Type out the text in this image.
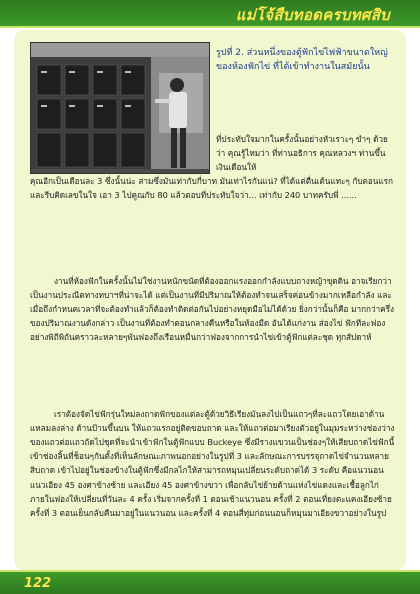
แม่โจ้สืบทอดครบทศสิบ
รูปที่ 2. ส่วนหนึ่งของตู้ฟักไข่ไฟฟ้าขนาดใหญ่ของห้องฟักไข่ ที่ได้เข้าทำงานในสมัยนั้น
ที่ประทับใจมากในครั้งนั้นอย่างหัวเราะๆ ขำๆ ด้วยว่า คุณรู้ไหมว่า ที่ท่านอธิการ คุณหลวงฯ ท่านขึ้นเงินเดือนให้
คุณอีกเป็นเดือนละ 3 ซึ่งนั้นน่ะ สามซึ่งมันเท่ากับกี่บาท มันเท่าไรกันแน่? ที่ได้แต่ตื่นเต้นแทะๆ กับตอนแรก และรีบคิดเลขในใจ เอา 3 ไปคูณกับ 80 แล้วตอบที่ประทับใจว่า... เท่ากับ 240 บาทครับพี่ ......
งานที่ห้องฟักในครั้งนั้นไม่ใช่งานหนักขนัดที่ต้องออกแรงออกกำลังแบบถางหญ้าขุดดิน อาจเรียกว่าเป็นงานประณีตทางทบาฯที่น่าจะได้ แต่เป็นงานที่มีปริมาณให้ต้องทำจนเสร็จค่อนข้างมากเหลือกำลัง และเมื่อถึงกำหนดเวลาที่จะต้องทำแล้วก็ต้องทำติดต่อกันไปอย่างหยุดมือไม่ได้ด้วย ยิ่งกว่านั้นก็คือ มากกว่าครึ่งของปริมาณงานดังกล่าว เป็นงานที่ต้องทำตอนกลางคืนหรือในห้องมืด อันได้แก่งาน ส่องไข่ ฟักทีละฟองอย่างพิถีพิถันคราวละหลายๆพันฟองถึงเรือนหมื่นกว่าฟองจากการนำไข่เข้าตู้ฟักแต่ละชุด ทุกสัปดาห์
เราต้องจัดไข่ฟักรุ่นใหม่ลงถาดฟักของแต่ละตู้ด้วยวิธีเรียงมันลงไปเป็นแถวๆที่ละแถวโดยเอาด้านแหลมลงล่าง ด้านป้านขึ้นบน ให้แถวแรกอยู่ติดขอบถาด และให้แถวต่อมาเรียงตัวอยู่ในมุมระหว่างช่องว่างของแถวต่อแถวถัดไปชุดที่จะนำเข้าฟักในตู้ฟักแบบ Buckeye ซึ่งมีรางแขวนเป็นช่องๆให้เสียบถาดไข่ฟักนี้เข้าช่องลิ้นที่ช็อนๆกันตั้งที่เห็นลักษณะภาพนอกอย่างในรูปที่ 3 และลักษณะการบรรจุถาดไข่จำนวนหลายสิบถาด เข้าไปอยู่ในช่องข้างในตู้ฟักซึ่งมีกลไกให้สามารถหมุนเปลี่ยนระดับถาดได้ 3 ระดับ คือแนวนอนแนวเอียง 45 องศาข้างซ้าย และเอียง 45 องศาข้างขวา เพื่อกลับไข่ย้ายด้านแห่งไข่แดงและเชื้อลูกไก่ภายในฟองให้เปลี่ยนที่วันละ 4 ครั้ง เริ่มจากครั้งที่ 1 ตอนเช้าแนวนอน ครั้งที่ 2 ตอนเที่ยงตะแคงเอียงซ้าย ครั้งที่ 3 ตอนเย็นกลับคืนมาอยู่ในแนวนอน และครั้งที่ 4 ตอนสี่ทุ่มก่อนนอนก็หมุนมาเอียงขวาอย่างในรูป
122
